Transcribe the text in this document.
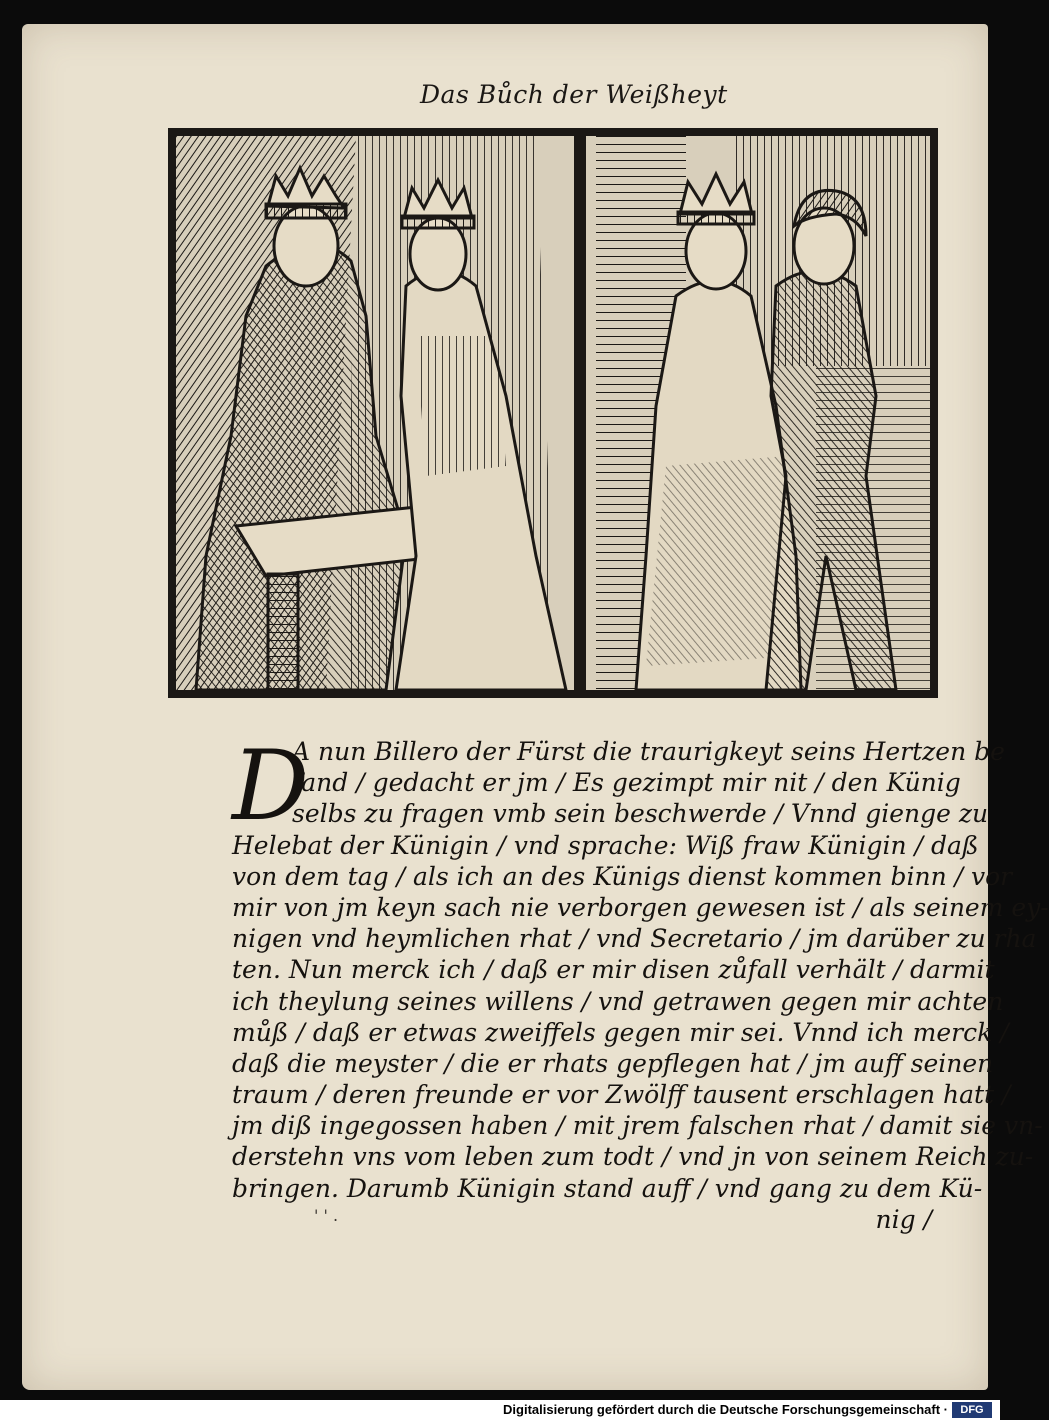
Das Bůch der Weißheyt
D
A nun Billero der Fürst die traurigkeyt seins Hertzen be
fand / gedacht er jm / Es gezimpt mir nit / den Künig
selbs zu fragen vmb sein beschwerde / Vnnd gienge zu
Helebat der Künigin / vnd sprache: Wiß fraw Künigin / daß
von dem tag / als ich an des Künigs dienst kommen binn / vor
mir von jm keyn sach nie verborgen gewesen ist / als seinem ey-
nigen vnd heymlichen rhat / vnd Secretario / jm darüber zu rha
ten. Nun merck ich / daß er mir disen zůfall verhält / darmit
ich theylung seines willens / vnd getrawen gegen mir achten
můß / daß er etwas zweiffels gegen mir sei. Vnnd ich merck /
daß die meyster / die er rhats gepflegen hat / jm auff seinen
traum / deren freunde er vor Zwölff tausent erschlagen hatt /
jm diß ingegossen haben / mit jrem falschen rhat / damit sie vn-
derstehn vns vom leben zum todt / vnd jn von seinem Reich zu-
bringen. Darumb Künigin stand auff / vnd gang zu dem Kü-
nig /
' ' .
Digitalisierung gefördert durch die Deutsche Forschungsgemeinschaft ·	DFG
